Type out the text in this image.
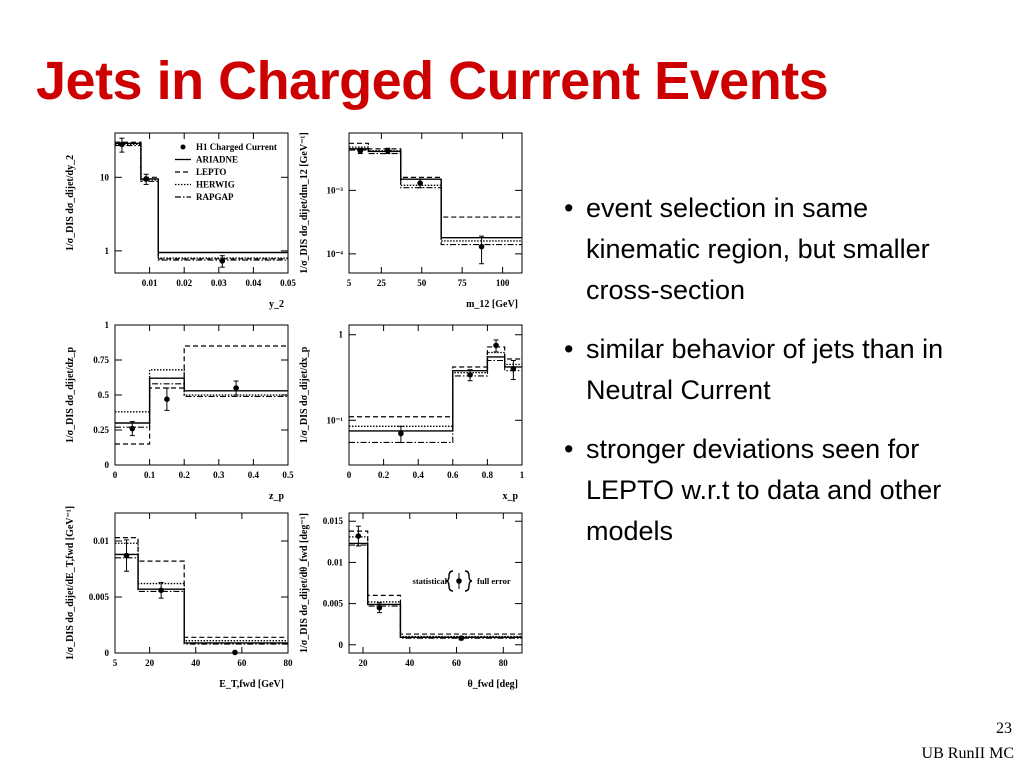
Jets in Charged Current Events
0.01 0.02 0.03 0.04 0.05
1
10
y_2
1/σ_DIS dσ_dijet/dy_2
H1 Charged Current
ARIADNE
LEPTO
HERWIG
RAPGAP
5	25	50	75	100
10⁻⁴
10⁻³
m_12 [GeV]
1/σ_DIS dσ_dijet/dm_12 [GeV⁻¹]
0	0.1	0.2	0.3	0.4	0.5
0
0.25
0.5
0.75
1
z_p
1/σ_DIS dσ_dijet/dz_p
0	0.2	0.4	0.6	0.8	1
10⁻¹
1
x_p
1/σ_DIS dσ_dijet/dx_p
5	20	40	60	80
0
0.005
0.01
E_T,fwd [GeV]
1/σ_DIS dσ_dijet/dE_T,fwd [GeV⁻¹]
20	40	60	80
0
0.005
0.01
0.015
θ_fwd [deg]
1/σ_DIS dσ_dijet/dθ_fwd [deg⁻¹]	statistical	full error
• event selection in same kinematic region, but smaller cross-section
• similar behavior of jets than in Neutral Current
• stronger deviations seen for LEPTO w.r.t to data and other models
23
UB RunII MC
